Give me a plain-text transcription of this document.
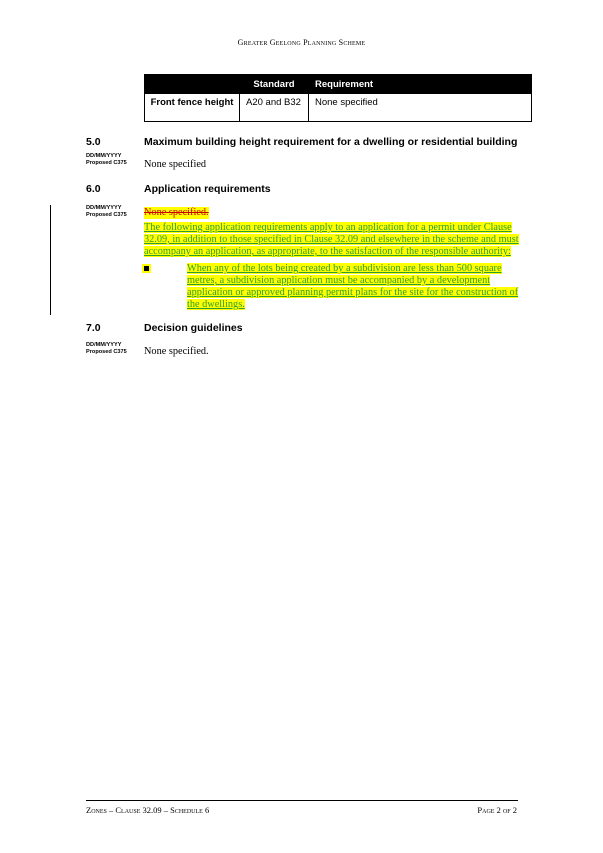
Greater Geelong Planning Scheme
	Standard	Requirement
Front fence height	A20 and B32	None specified
5.0	Maximum building height requirement for a dwelling or residential building
DD/MM/YYYY
Proposed C375 None specified
6.0	Application requirements
DD/MM/YYYY
Proposed C375 None specified.
The following application requirements apply to an application for a permit under Clause 32.09, in addition to those specified in Clause 32.09 and elsewhere in the scheme and must accompany an application, as appropriate, to the satisfaction of the responsible authority:
When any of the lots being created by a subdivision are less than 500 square metres, a subdivision application must be accompanied by a development application or approved planning permit plans for the site for the construction of the dwellings.
7.0	Decision guidelines
DD/MM/YYYY
Proposed C375 None specified.
Zones – Clause 32.09 – Schedule 6	Page 2 of 2
